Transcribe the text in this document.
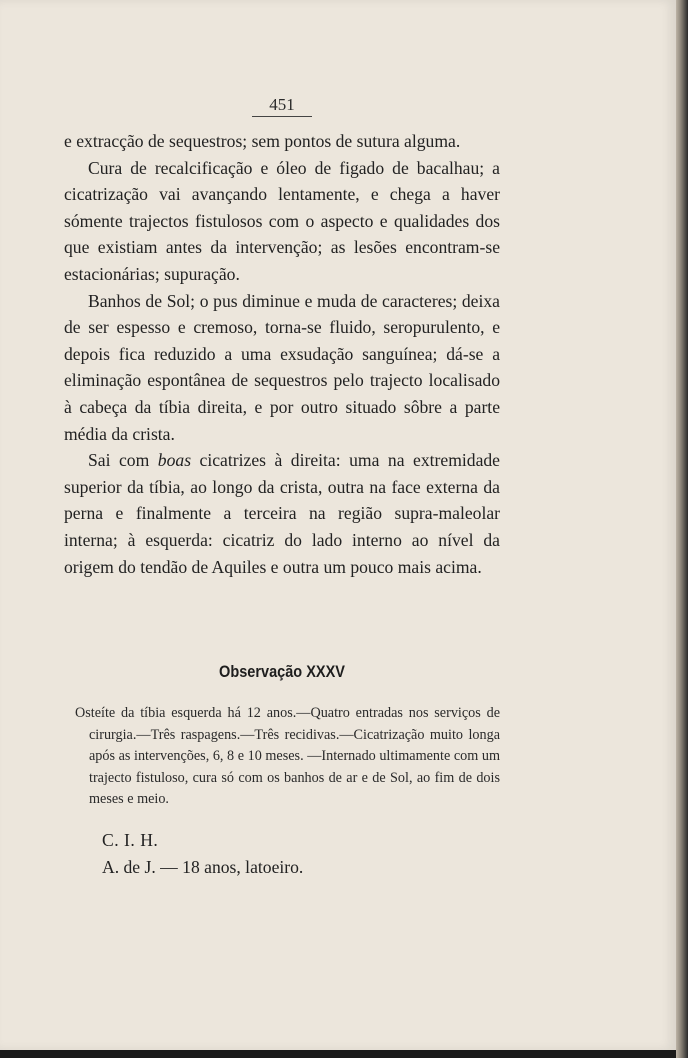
451

e extracção de sequestros; sem pontos de sutura alguma.

Cura de recalcificação e óleo de figado de bacalhau; a cicatrização vai avançando lentamente, e chega a haver sómente trajectos fistulosos com o aspecto e qualidades dos que existiam antes da intervenção; as lesões encontram-se estacionárias; supuração.

Banhos de Sol; o pus diminue e muda de caracteres; deixa de ser espesso e cremoso, torna-se fluido, seropurulento, e depois fica reduzido a uma exsudação sanguínea; dá-se a eliminação espontânea de sequestros pelo trajecto localisado à cabeça da tíbia direita, e por outro situado sôbre a parte média da crista.

Sai com boas cicatrizes à direita: uma na extremidade superior da tíbia, ao longo da crista, outra na face externa da perna e finalmente a terceira na região supra-maleolar interna; à esquerda: cicatriz do lado interno ao nível da origem do tendão de Aquiles e outra um pouco mais acima.

Observação XXXV

Osteíte da tíbia esquerda há 12 anos.—Quatro entradas nos serviços de cirurgia.—Três raspagens.—Três recidivas.—Cicatrização muito longa após as intervenções, 6, 8 e 10 meses. —Internado ultimamente com um trajecto fistuloso, cura só com os banhos de ar e de Sol, ao fim de dois meses e meio.

C. I. H.
A. de J. — 18 anos, latoeiro.
